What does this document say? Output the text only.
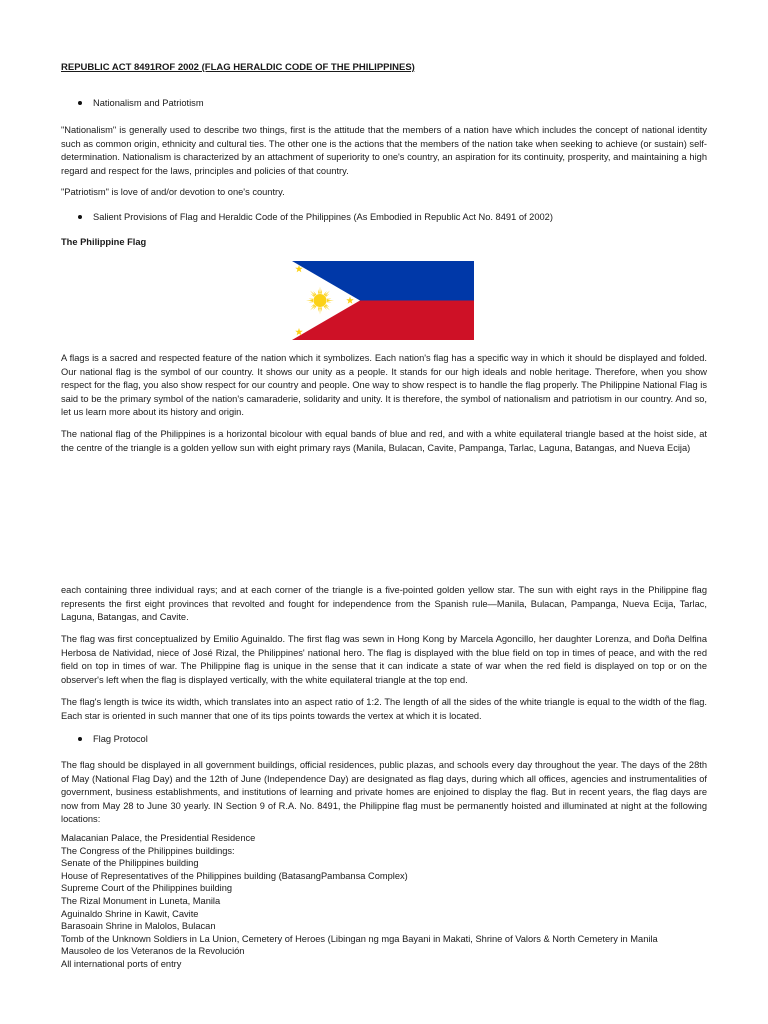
REPUBLIC ACT 8491ROF 2002 (FLAG HERALDIC CODE OF THE PHILIPPINES)
Nationalism and Patriotism

"Nationalism" is generally used to describe two things, first is the attitude that the members of a nation have which includes the concept of national identity such as common origin, ethnicity and cultural ties. The other one is the actions that the members of the nation take when seeking to achieve (or sustain) self-determination. Nationalism is characterized by an attachment of superiority to one's country, an aspiration for its continuity, prosperity, and maintaining a high regard and respect for the laws, principles and policies of that country.

"Patriotism" is love of and/or devotion to one's country.

Salient Provisions of Flag and Heraldic Code of the Philippines (As Embodied in Republic Act No. 8491 of 2002)

The Philippine Flag

A flags is a sacred and respected feature of the nation which it symbolizes. Each nation's flag has a specific way in which it should be displayed and folded. Our national flag is the symbol of our country. It shows our unity as a people. It stands for our high ideals and noble heritage. Therefore, when you show respect for the flag, you also show respect for our country and people. One way to show respect is to handle the flag properly. The Philippine National Flag is said to be the primary symbol of the nation's camaraderie, solidarity and unity. It is therefore, the symbol of nationalism and patriotism in our country. And so, let us learn more about its history and origin.

The national flag of the Philippines is a horizontal bicolour with equal bands of blue and red, and with a white equilateral triangle based at the hoist side, at the centre of the triangle is a golden yellow sun with eight primary rays (Manila, Bulacan, Cavite, Pampanga, Tarlac, Laguna, Batangas, and Nueva Ecija)

each containing three individual rays; and at each corner of the triangle is a five-pointed golden yellow star. The sun with eight rays in the Philippine flag represents the first eight provinces that revolted and fought for independence from the Spanish rule—Manila, Bulacan, Pampanga, Nueva Ecija, Tarlac, Laguna, Batangas, and Cavite.

The flag was first conceptualized by Emilio Aguinaldo. The first flag was sewn in Hong Kong by Marcela Agoncillo, her daughter Lorenza, and Doña Delfina Herbosa de Natividad, niece of José Rizal, the Philippines' national hero. The flag is displayed with the blue field on top in times of peace, and with the red field on top in times of war. The Philippine flag is unique in the sense that it can indicate a state of war when the red field is displayed on top or on the observer's left when the flag is displayed vertically, with the white equilateral triangle at the top end.

The flag's length is twice its width, which translates into an aspect ratio of 1:2. The length of all the sides of the white triangle is equal to the width of the flag. Each star is oriented in such manner that one of its tips points towards the vertex at which it is located.

Flag Protocol

The flag should be displayed in all government buildings, official residences, public plazas, and schools every day throughout the year. The days of the 28th of May (National Flag Day) and the 12th of June (Independence Day) are designated as flag days, during which all offices, agencies and instrumentalities of government, business establishments, and institutions of learning and private homes are enjoined to display the flag. But in recent years, the flag days are now from May 28 to June 30 yearly. IN Section 9 of R.A. No. 8491, the Philippine flag must be permanently hoisted and illuminated at night at the following locations:

Malacanian Palace, the Presidential Residence
The Congress of the Philippines buildings:
Senate of the Philippines building
House of Representatives of the Philippines building (BatasangPambansa Complex)
Supreme Court of the Philippines building
The Rizal Monument in Luneta, Manila
Aguinaldo Shrine in Kawit, Cavite
Barasoain Shrine in Malolos, Bulacan
Tomb of the Unknown Soldiers in La Union, Cemetery of Heroes (Libingan ng mga Bayani in Makati, Shrine of Valors & North Cemetery in Manila
Mausoleo de los Veteranos de la Revolución
All international ports of entry
